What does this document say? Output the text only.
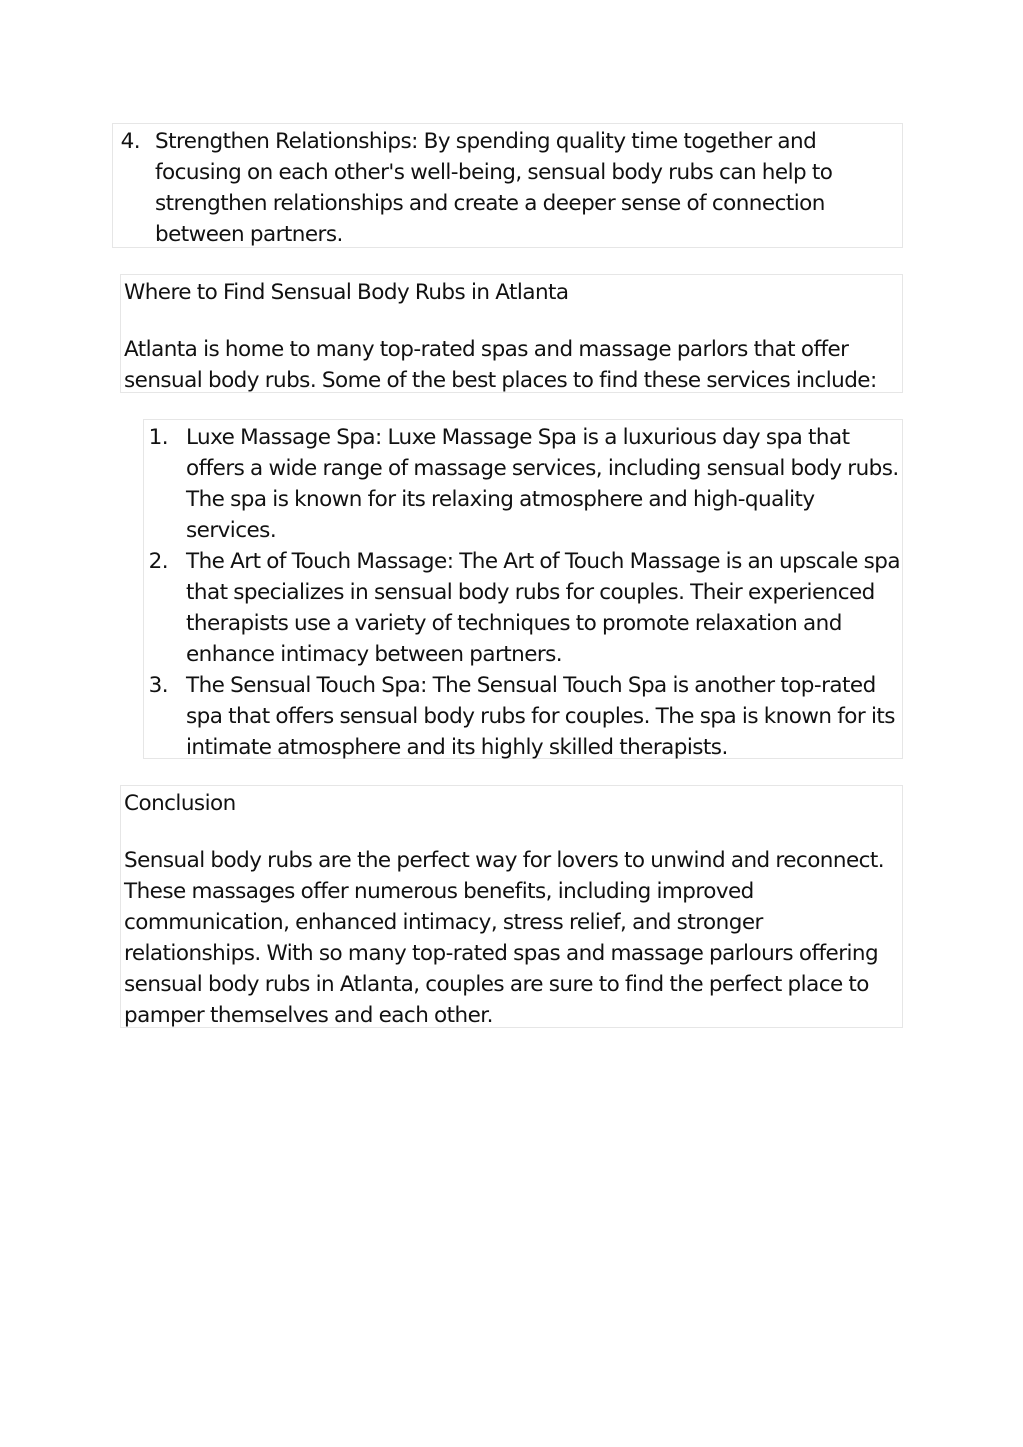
4. Strengthen Relationships: By spending quality time together and focusing on each other's well-being, sensual body rubs can help to strengthen relationships and create a deeper sense of connection between partners.

Where to Find Sensual Body Rubs in Atlanta

Atlanta is home to many top-rated spas and massage parlors that offer sensual body rubs. Some of the best places to find these services include:

1. Luxe Massage Spa: Luxe Massage Spa is a luxurious day spa that offers a wide range of massage services, including sensual body rubs. The spa is known for its relaxing atmosphere and high-quality services.
2. The Art of Touch Massage: The Art of Touch Massage is an upscale spa that specializes in sensual body rubs for couples. Their experienced therapists use a variety of techniques to promote relaxation and enhance intimacy between partners.
3. The Sensual Touch Spa: The Sensual Touch Spa is another top-rated spa that offers sensual body rubs for couples. The spa is known for its intimate atmosphere and its highly skilled therapists.

Conclusion

Sensual body rubs are the perfect way for lovers to unwind and reconnect. These massages offer numerous benefits, including improved communication, enhanced intimacy, stress relief, and stronger relationships. With so many top-rated spas and massage parlours offering sensual body rubs in Atlanta, couples are sure to find the perfect place to pamper themselves and each other.
